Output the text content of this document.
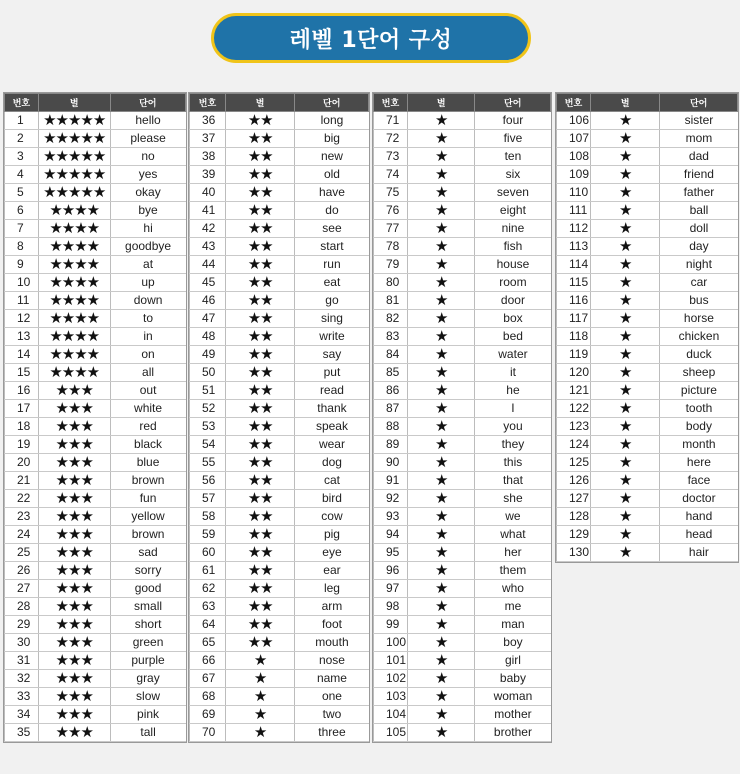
레벨 1단어 구성
번호	별	단어
1	★★★★★	hello
2	★★★★★	please
3	★★★★★	no
4	★★★★★	yes
5	★★★★★	okay
6	★★★★	bye
7	★★★★	hi
8	★★★★	goodbye
9	★★★★	at
10	★★★★	up
11	★★★★	down
12	★★★★	to
13	★★★★	in
14	★★★★	on
15	★★★★	all
16	★★★	out
17	★★★	white
18	★★★	red
19	★★★	black
20	★★★	blue
21	★★★	brown
22	★★★	fun
23	★★★	yellow
24	★★★	brown
25	★★★	sad
26	★★★	sorry
27	★★★	good
28	★★★	small
29	★★★	short
30	★★★	green
31	★★★	purple
32	★★★	gray
33	★★★	slow
34	★★★	pink
35	★★★	tall
번호	별	단어
36	★★	long
37	★★	big
38	★★	new
39	★★	old
40	★★	have
41	★★	do
42	★★	see
43	★★	start
44	★★	run
45	★★	eat
46	★★	go
47	★★	sing
48	★★	write
49	★★	say
50	★★	put
51	★★	read
52	★★	thank
53	★★	speak
54	★★	wear
55	★★	dog
56	★★	cat
57	★★	bird
58	★★	cow
59	★★	pig
60	★★	eye
61	★★	ear
62	★★	leg
63	★★	arm
64	★★	foot
65	★★	mouth
66	★	nose
67	★	name
68	★	one
69	★	two
70	★	three
번호	별	단어
71	★	four
72	★	five
73	★	ten
74	★	six
75	★	seven
76	★	eight
77	★	nine
78	★	fish
79	★	house
80	★	room
81	★	door
82	★	box
83	★	bed
84	★	water
85	★	it
86	★	he
87	★	I
88	★	you
89	★	they
90	★	this
91	★	that
92	★	she
93	★	we
94	★	what
95	★	her
96	★	them
97	★	who
98	★	me
99	★	man
100	★	boy
101	★	girl
102	★	baby
103	★	woman
104	★	mother
105	★	brother
번호	별	단어
106	★	sister
107	★	mom
108	★	dad
109	★	friend
110	★	father
111	★	ball
112	★	doll
113	★	day
114	★	night
115	★	car
116	★	bus
117	★	horse
118	★	chicken
119	★	duck
120	★	sheep
121	★	picture
122	★	tooth
123	★	body
124	★	month
125	★	here
126	★	face
127	★	doctor
128	★	hand
129	★	head
130	★	hair
